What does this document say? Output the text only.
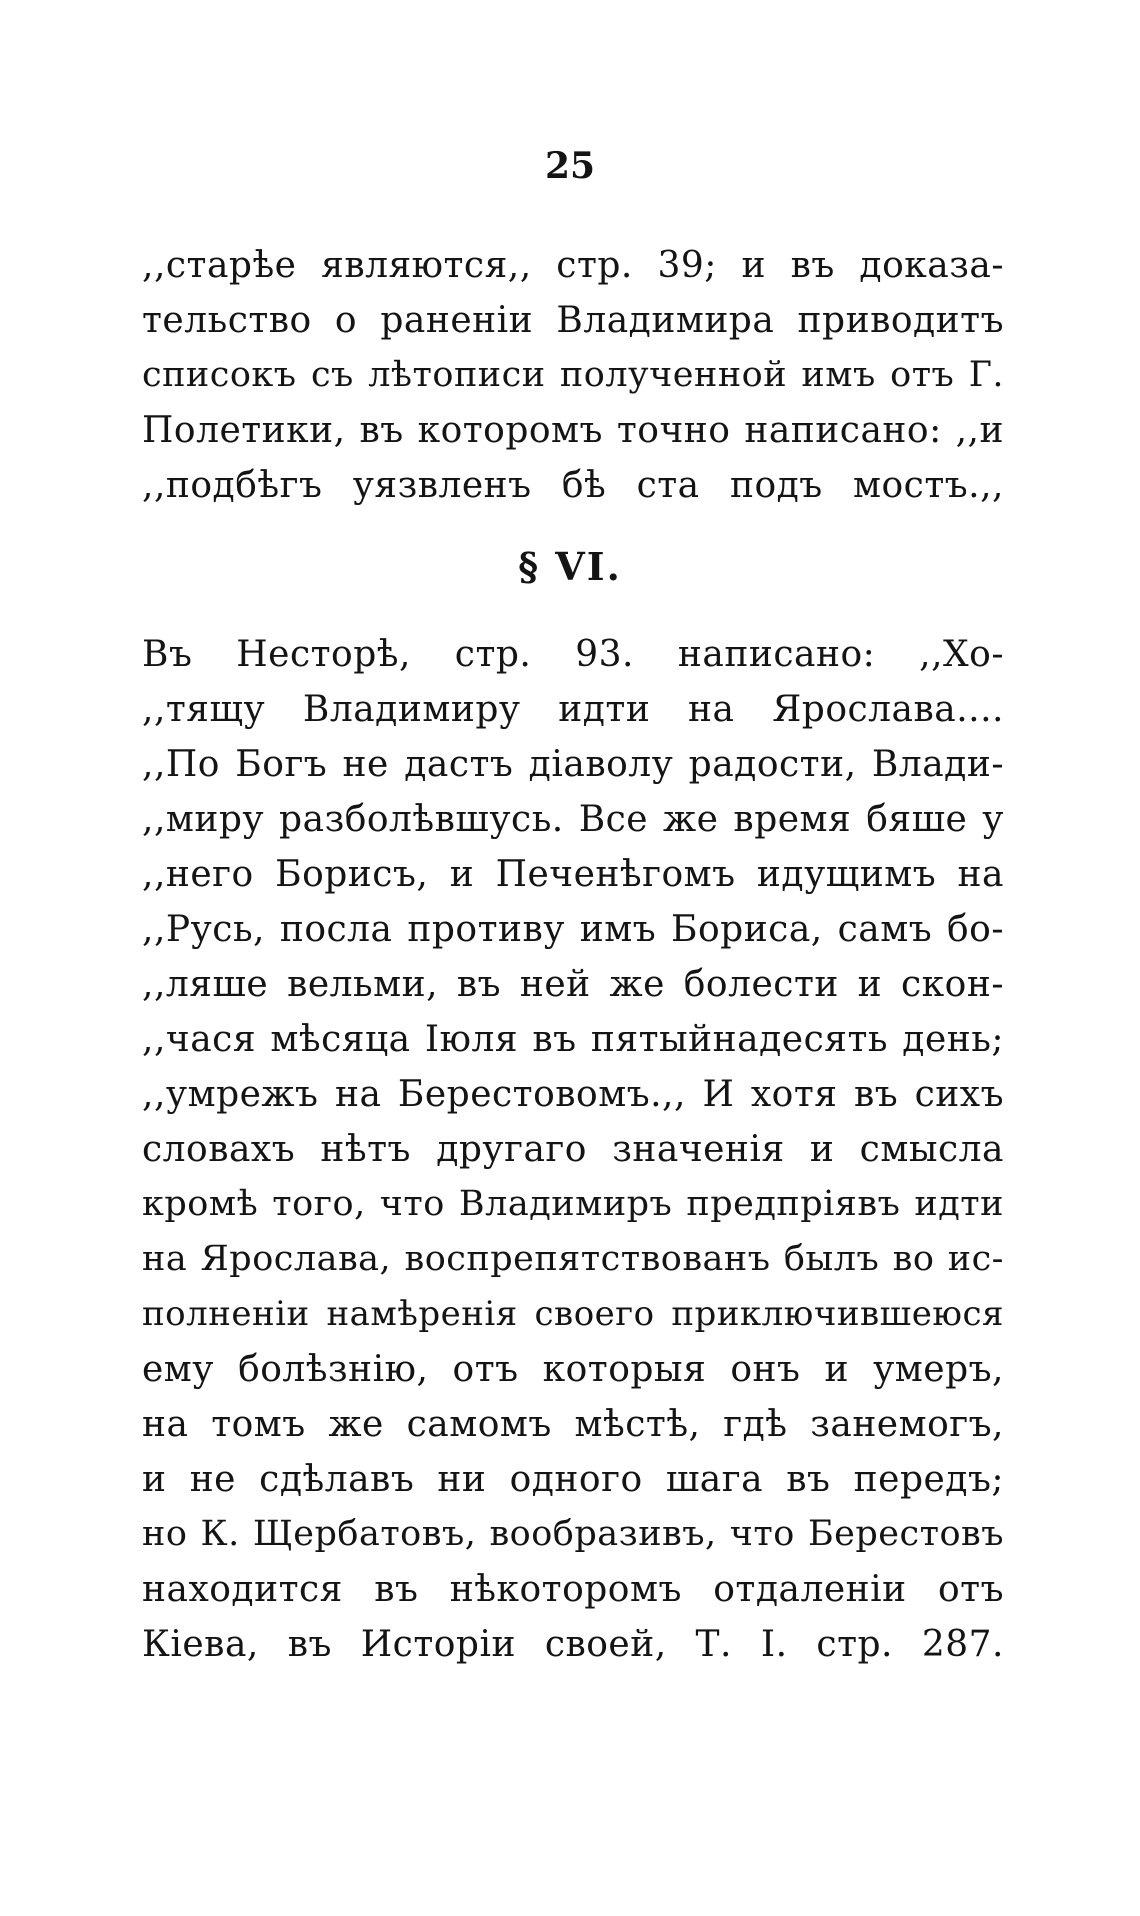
25
,,старѣе являются,, стр. 39; и въ доказа-
тельство о раненіи Владимира приводитъ
списокъ съ лѣтописи полученной имъ отъ Г.
Полетики, въ которомъ точно написано: ,,и
,,подбѣгъ уязвленъ бѣ ста подъ мостъ.,,
§ VI.
Въ Несторѣ, стр. 93. написано: ,,Хо-
,,тящу Владимиру идти на Ярослава....
,,По Богъ не дастъ діаволу радости, Влади-
,,миру разболѣвшусь. Все же время бяше у
,,него Борисъ, и Печенѣгомъ идущимъ на
,,Русь, посла противу имъ Бориса, самъ бо-
,,ляше вельми, въ ней же болести и скон-
,,чася мѣсяца Іюля въ пятыйнадесять день;
,,умрежъ на Берестовомъ.,, И хотя въ сихъ
словахъ нѣтъ другаго значенія и смысла
кромѣ того, что Владимиръ предпріявъ идти
на Ярослава, воспрепятствованъ былъ во ис-
полненіи намѣренія своего приключившеюся
ему болѣзнію, отъ которыя онъ и умеръ,
на томъ же самомъ мѣстѣ, гдѣ занемогъ,
и не сдѣлавъ ни одного шага въ передъ;
но К. Щербатовъ, вообразивъ, что Берестовъ
находится въ нѣкоторомъ отдаленіи отъ
Кіева, въ Исторіи своей, Т. І. стр. 287.
